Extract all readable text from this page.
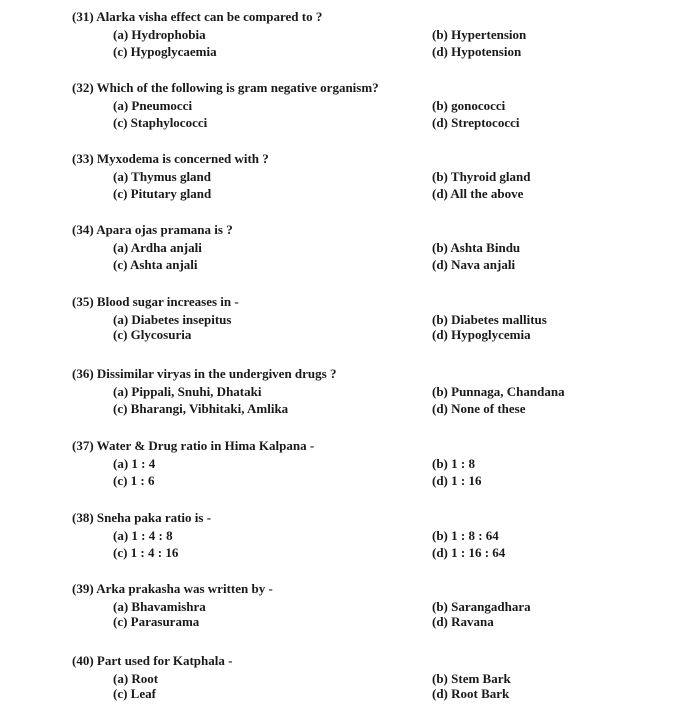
(31) Alarka visha effect can be compared to ?
(a) Hydrophobia	(b) Hypertension
(c) Hypoglycaemia	(d) Hypotension
(32) Which of the following is gram negative organism?
(a) Pneumocci	(b) gonococci
(c) Staphylococci	(d) Streptococci
(33) Myxodema is concerned with ?
(a) Thymus gland	(b) Thyroid gland
(c) Pitutary gland	(d) All the above
(34) Apara ojas pramana is ?
(a) Ardha anjali	(b) Ashta Bindu
(c) Ashta anjali	(d) Nava anjali
(35) Blood sugar increases in -
(a) Diabetes insepitus	(b) Diabetes mallitus
(c) Glycosuria	(d) Hypoglycemia
(36) Dissimilar viryas in the undergiven drugs ?
(a) Pippali, Snuhi, Dhataki	(b) Punnaga, Chandana
(c) Bharangi, Vibhitaki, Amlika	(d) None of these
(37) Water & Drug ratio in Hima Kalpana -
(a) 1 : 4	(b) 1 : 8
(c) 1 : 6	(d) 1 : 16
(38) Sneha paka ratio is -
(a) 1 : 4 : 8	(b) 1 : 8 : 64
(c) 1 : 4 : 16	(d) 1 : 16 : 64
(39) Arka prakasha was written by -
(a) Bhavamishra	(b) Sarangadhara
(c) Parasurama	(d) Ravana
(40) Part used for Katphala -
(a) Root	(b) Stem Bark
(c) Leaf	(d) Root Bark
